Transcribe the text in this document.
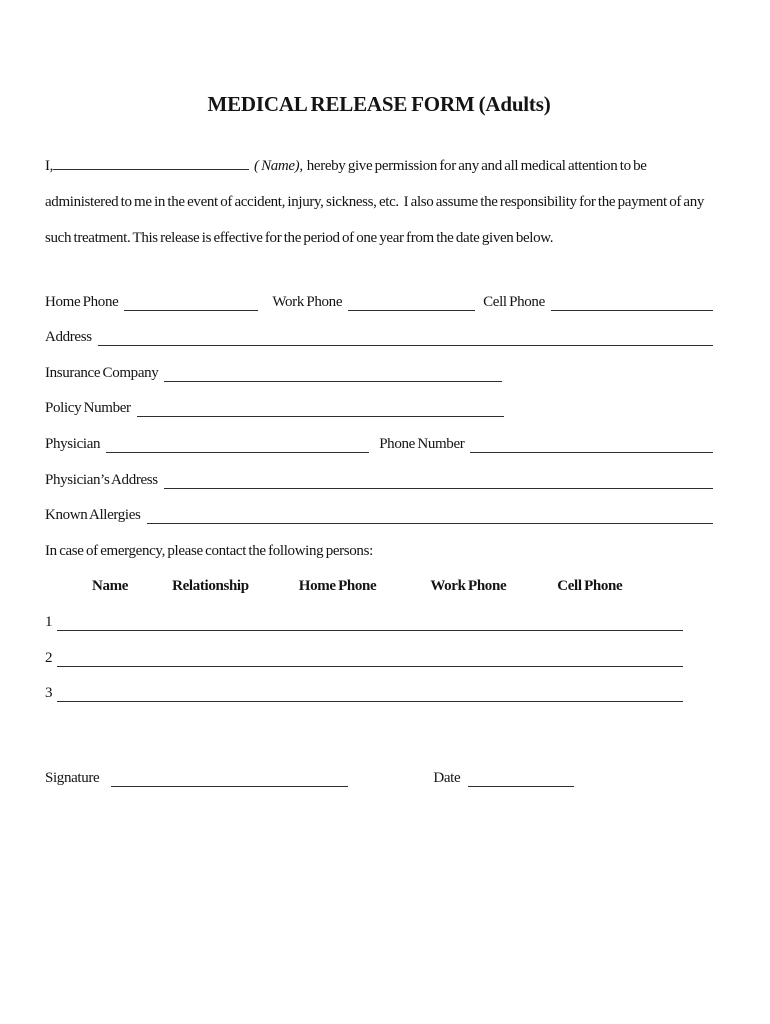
MEDICAL RELEASE FORM (Adults)

I,	( Name), hereby give permission for any and all medical attention to be administered to me in the event of accident, injury, sickness, etc.  I also assume the responsibility for the payment of any such treatment. This release is effective for the period of one year from the date given below.

Home Phone	Work Phone	Cell Phone
Address
Insurance Company
Policy Number
Physician	Phone Number
Physician’s Address
Known Allergies
In case of emergency, please contact the following persons:
Name	Relationship	Home Phone	Work Phone	Cell Phone
1
2
3
Signature	Date
